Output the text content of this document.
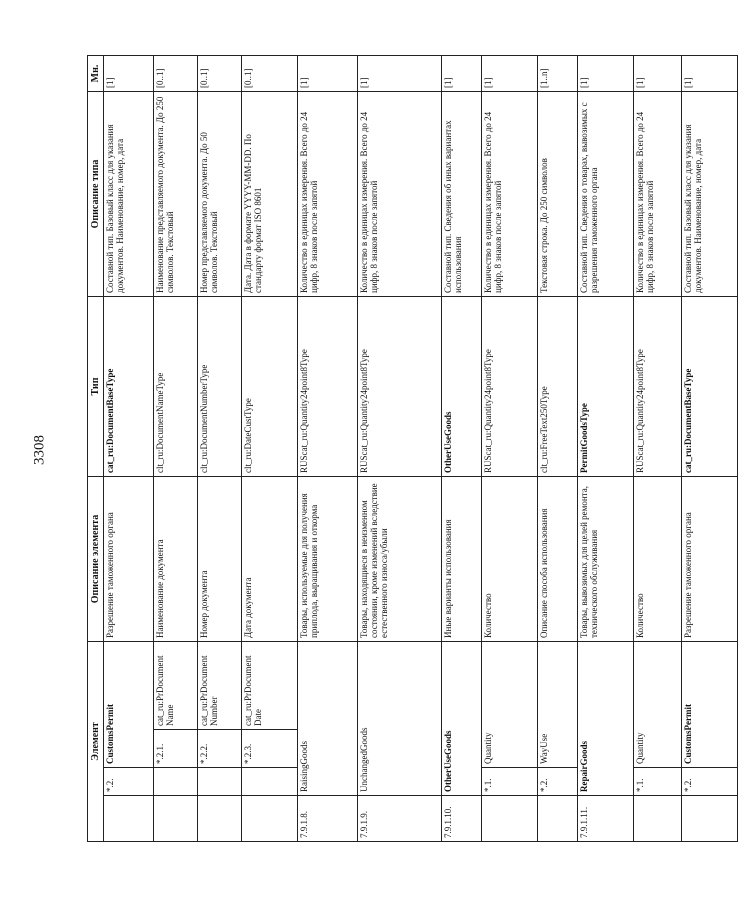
3308
Элемент				Описание элемента	Тип	Описание типа	Мн.
	*.2.	CustomsPermit		Разрешение таможенного органа	cat_ru:DocumentBaseType	Составной тип. Базовый класс для указания документов. Наименование, номер, дата	[1]
		*.2.1.	cat_ru:PrDocument Name	Наименование документа	clt_ru:DocumentNameType	Наименование представляемого документа. До 250 символов. Текстовый	[0..1]
		*.2.2.	cat_ru:PrDocument Number	Номер документа	clt_ru:DocumentNumberType	Номер представляемого документа. До 50 символов. Текстовый	[0..1]
		*.2.3.	cat_ru:PrDocument Date	Дата документа	clt_ru:DateCustType	Дата. Дата в формате YYYY-MM-DD. По стандарту формат ISO 8601	[0..1]
7.9.1.8.	RaisingGoods			Товары, используемые для получения приплода, выращивания и откорма	RUScat_ru:Quantity24point8Type	Количество в единицах измерения. Всего до 24 цифр, 8 знаков после запятой	[1]
7.9.1.9.	UnchangedGoods			Товары, находящиеся в неизменном состоянии, кроме изменений вследствие естественного износа/убыли	RUScat_ru:Quantity24point8Type	Количество в единицах измерения. Всего до 24 цифр, 8 знаков после запятой	[1]
7.9.1.10.	OtherUseGoods			Иные варианты использования	OtherUseGoods	Составной тип. Сведения об иных вариантах использования	[1]
	*.1.	Quantity		Количество	RUScat_ru:Quantity24point8Type	Количество в единицах измерения. Всего до 24 цифр, 8 знаков после запятой	[1]
	*.2.	WayUse		Описание способа использования	clt_ru:FreeText250Type	Текстовая строка. До 250 символов	[1..n]
7.9.1.11.	RepairGoods			Товары, вывозимых для целей ремонта, технического обслуживания	PermitGoodsType	Составной тип. Сведения о товарах, вывозимых с разрешения таможенного органа	[1]
	*.1.	Quantity		Количество	RUScat_ru:Quantity24point8Type	Количество в единицах измерения. Всего до 24 цифр, 8 знаков после запятой	[1]
	*.2.	CustomsPermit		Разрешение таможенного органа	cat_ru:DocumentBaseType	Составной тип. Базовый класс для указания документов. Наименование, номер, дата	[1]
